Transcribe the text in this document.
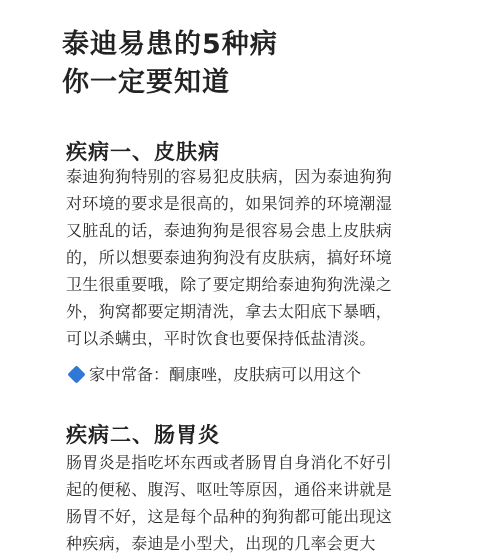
泰迪易患的5种病
你一定要知道
疾病一、皮肤病
泰迪狗狗特别的容易犯皮肤病，因为泰迪狗狗
对环境的要求是很高的，如果饲养的环境潮湿
又脏乱的话，泰迪狗狗是很容易会患上皮肤病
的，所以想要泰迪狗狗没有皮肤病，搞好环境
卫生很重要哦，除了要定期给泰迪狗狗洗澡之
外，狗窝都要定期清洗，拿去太阳底下暴晒，
可以杀螨虫，平时饮食也要保持低盐清淡。
家中常备：酮康唑，皮肤病可以用这个
疾病二、肠胃炎
肠胃炎是指吃坏东西或者肠胃自身消化不好引
起的便秘、腹泻、呕吐等原因，通俗来讲就是
肠胃不好，这是每个品种的狗狗都可能出现这
种疾病，泰迪是小型犬，出现的几率会更大
